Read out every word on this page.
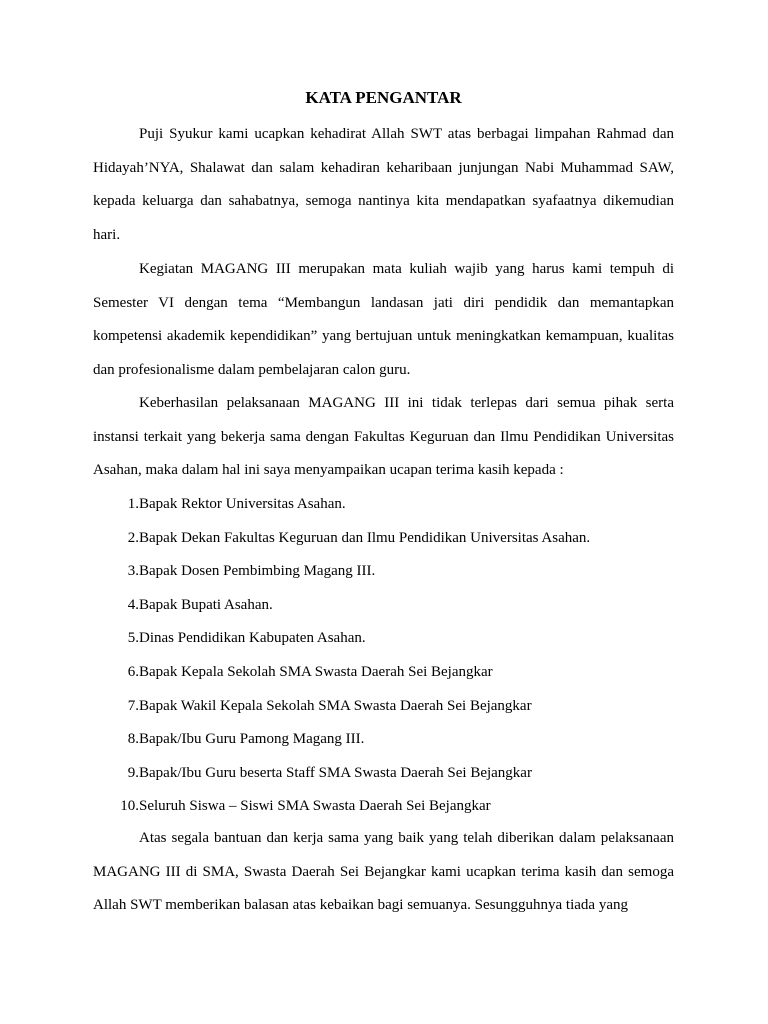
KATA PENGANTAR

Puji Syukur kami ucapkan kehadirat Allah SWT atas berbagai limpahan Rahmad dan Hidayah’NYA, Shalawat dan salam kehadiran keharibaan junjungan Nabi Muhammad SAW, kepada keluarga dan sahabatnya, semoga nantinya kita mendapatkan syafaatnya dikemudian hari.

Kegiatan MAGANG III merupakan mata kuliah wajib yang harus kami tempuh di Semester VI dengan tema “Membangun landasan jati diri pendidik dan memantapkan kompetensi akademik kependidikan” yang bertujuan untuk meningkatkan kemampuan, kualitas dan profesionalisme dalam pembelajaran calon guru.

Keberhasilan pelaksanaan MAGANG III ini tidak terlepas dari semua pihak serta instansi terkait yang bekerja sama dengan Fakultas Keguruan dan Ilmu Pendidikan Universitas Asahan, maka dalam hal ini saya menyampaikan ucapan terima kasih kepada :

1. Bapak Rektor Universitas Asahan.
2. Bapak Dekan Fakultas Keguruan dan Ilmu Pendidikan Universitas Asahan.
3. Bapak Dosen Pembimbing Magang III.
4. Bapak Bupati Asahan.
5. Dinas Pendidikan Kabupaten Asahan.
6. Bapak Kepala Sekolah SMA Swasta Daerah Sei Bejangkar
7. Bapak Wakil Kepala Sekolah SMA Swasta Daerah Sei Bejangkar
8. Bapak/Ibu Guru Pamong Magang III.
9. Bapak/Ibu Guru beserta Staff SMA Swasta Daerah Sei Bejangkar
10. Seluruh Siswa – Siswi SMA Swasta Daerah Sei Bejangkar

Atas segala bantuan dan kerja sama yang baik yang telah diberikan dalam pelaksanaan MAGANG III di SMA, Swasta Daerah Sei Bejangkar kami ucapkan terima kasih dan semoga Allah SWT memberikan balasan atas kebaikan bagi semuanya. Sesungguhnya tiada yang
